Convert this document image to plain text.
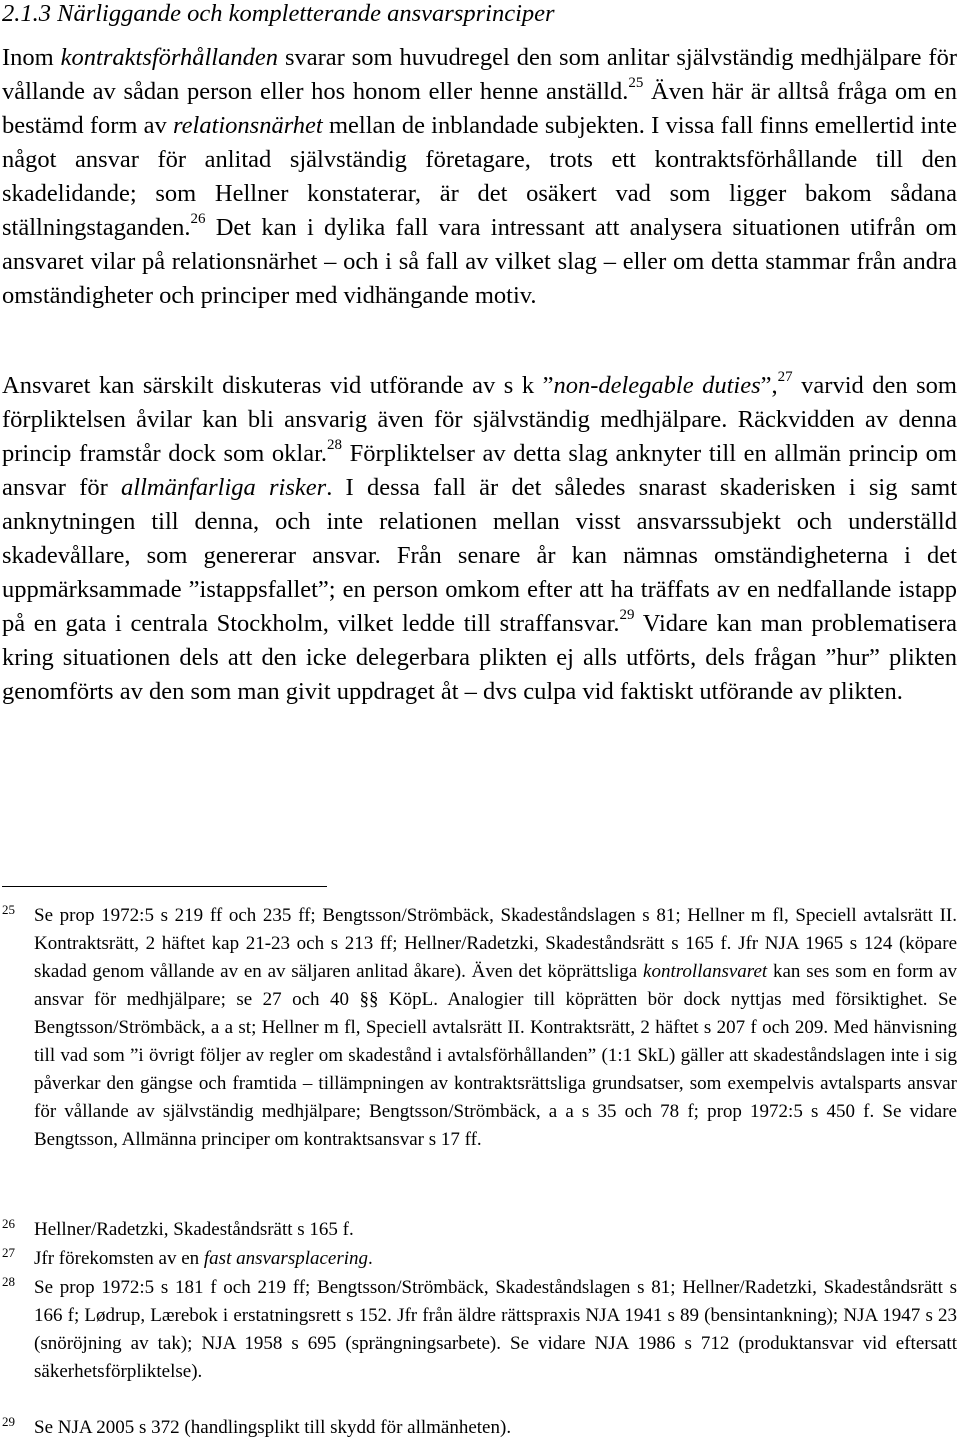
2.1.3 Närliggande och kompletterande ansvarsprinciper

Inom kontraktsförhållanden svarar som huvudregel den som anlitar självständig medhjälpare för vållande av sådan person eller hos honom eller henne anställd.$^{25}$ Även här är alltså fråga om en bestämd form av relationsnärhet mellan de inblandade subjekten. I vissa fall finns emellertid inte något ansvar för anlitad självständig företagare, trots ett kontraktsförhållande till den skadelidande; som Hellner konstaterar, är det osäkert vad som ligger bakom sådana ställningstaganden.$^{26}$ Det kan i dylika fall vara intressant att analysera situationen utifrån om ansvaret vilar på relationsnärhet – och i så fall av vilket slag – eller om detta stammar från andra omständigheter och principer med vidhängande motiv.

Ansvaret kan särskilt diskuteras vid utförande av s k ”non-delegable duties”,$^{27}$ varvid den som förpliktelsen åvilar kan bli ansvarig även för självständig medhjälpare. Räckvidden av denna princip framstår dock som oklar.$^{28}$ Förpliktelser av detta slag anknyter till en allmän princip om ansvar för allmänfarliga risker. I dessa fall är det således snarast skaderisken i sig samt anknytningen till denna, och inte relationen mellan visst ansvarssubjekt och underställd skadevållare, som genererar ansvar. Från senare år kan nämnas omständigheterna i det uppmärksammade ”istappsfallet”; en person omkom efter att ha träffats av en nedfallande istapp på en gata i centrala Stockholm, vilket ledde till straffansvar.$^{29}$ Vidare kan man problematisera kring situationen dels att den icke delegerbara plikten ej alls utförts, dels frågan ”hur” plikten genomförts av den som man givit uppdraget åt – dvs culpa vid faktiskt utförande av plikten.

25 Se prop 1972:5 s 219 ff och 235 ff; Bengtsson/Strömbäck, Skadeståndslagen s 81; Hellner m fl, Speciell avtalsrätt II. Kontraktsrätt, 2 häftet kap 21-23 och s 213 ff; Hellner/Radetzki, Skadeståndsrätt s 165 f. Jfr NJA 1965 s 124 (köpare skadad genom vållande av en av säljaren anlitad åkare). Även det köprättsliga kontrollansvaret kan ses som en form av ansvar för medhjälpare; se 27 och 40 §§ KöpL. Analogier till köprätten bör dock nyttjas med försiktighet. Se Bengtsson/Strömbäck, a a st; Hellner m fl, Speciell avtalsrätt II. Kontraktsrätt, 2 häftet s 207 f och 209. Med hänvisning till vad som ”i övrigt följer av regler om skadestånd i avtalsförhållanden” (1:1 SkL) gäller att skadeståndslagen inte i sig påverkar den gängse och framtida – tillämpningen av kontraktsrättsliga grundsatser, som exempelvis avtalsparts ansvar för vållande av självständig medhjälpare; Bengtsson/Strömbäck, a a s 35 och 78 f; prop 1972:5 s 450 f. Se vidare Bengtsson, Allmänna principer om kontraktsansvar s 17 ff.

26 Hellner/Radetzki, Skadeståndsrätt s 165 f.

27 Jfr förekomsten av en fast ansvarsplacering.

28 Se prop 1972:5 s 181 f och 219 ff; Bengtsson/Strömbäck, Skadeståndslagen s 81; Hellner/Radetzki, Skadeståndsrätt s 166 f; Lødrup, Lærebok i erstatningsrett s 152. Jfr från äldre rättspraxis NJA 1941 s 89 (bensintankning); NJA 1947 s 23 (snöröjning av tak); NJA 1958 s 695 (sprängningsarbete). Se vidare NJA 1986 s 712 (produktansvar vid eftersatt säkerhetsförpliktelse).

29 Se NJA 2005 s 372 (handlingsplikt till skydd för allmänheten).
